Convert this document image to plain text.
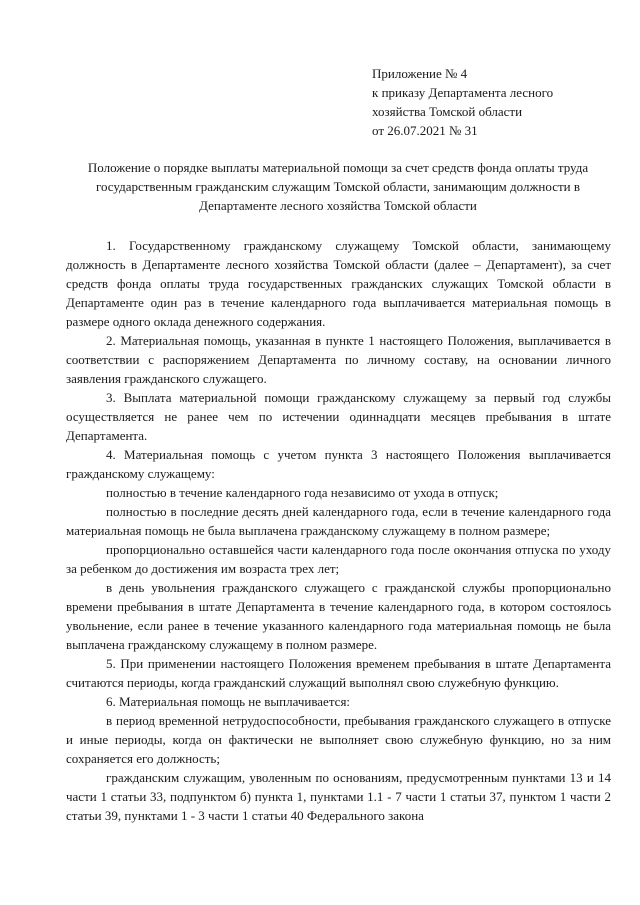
Приложение № 4
к приказу Департамента лесного
хозяйства Томской области
от 26.07.2021 № 31
Положение о порядке выплаты материальной помощи за счет средств фонда оплаты труда государственным гражданским служащим Томской области, занимающим должности в Департаменте лесного хозяйства Томской области

1. Государственному гражданскому служащему Томской области, занимающему должность в Департаменте лесного хозяйства Томской области (далее – Департамент), за счет средств фонда оплаты труда государственных гражданских служащих Томской области в Департаменте один раз в течение календарного года выплачивается материальная помощь в размере одного оклада денежного содержания.

2. Материальная помощь, указанная в пункте 1 настоящего Положения, выплачивается в соответствии с распоряжением Департамента по личному составу, на основании личного заявления гражданского служащего.

3. Выплата материальной помощи гражданскому служащему за первый год службы осуществляется не ранее чем по истечении одиннадцати месяцев пребывания в штате Департамента.

4. Материальная помощь с учетом пункта 3 настоящего Положения выплачивается гражданскому служащему:

полностью в течение календарного года независимо от ухода в отпуск;

полностью в последние десять дней календарного года, если в течение календарного года материальная помощь не была выплачена гражданскому служащему в полном размере;

пропорционально оставшейся части календарного года после окончания отпуска по уходу за ребенком до достижения им возраста трех лет;

в день увольнения гражданского служащего с гражданской службы пропорционально времени пребывания в штате Департамента в течение календарного года, в котором состоялось увольнение, если ранее в течение указанного календарного года материальная помощь не была выплачена гражданскому служащему в полном размере.

5. При применении настоящего Положения временем пребывания в штате Департамента считаются периоды, когда гражданский служащий выполнял свою служебную функцию.

6. Материальная помощь не выплачивается:

в период временной нетрудоспособности, пребывания гражданского служащего в отпуске и иные периоды, когда он фактически не выполняет свою служебную функцию, но за ним сохраняется его должность;

гражданским служащим, уволенным по основаниям, предусмотренным пунктами 13 и 14 части 1 статьи 33, подпунктом б) пункта 1, пунктами 1.1 - 7 части 1 статьи 37, пунктом 1 части 2 статьи 39, пунктами 1 - 3 части 1 статьи 40 Федерального закона
